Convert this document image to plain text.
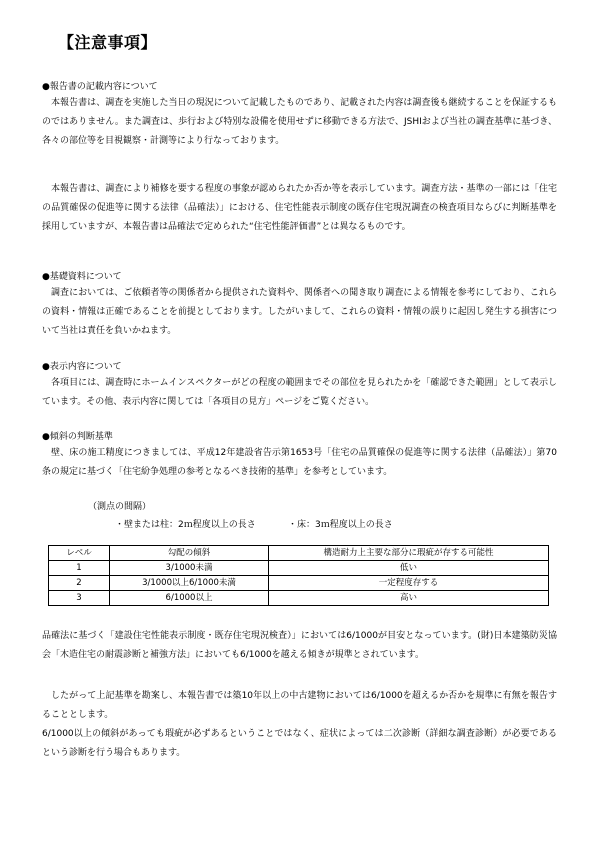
【注意事項】
●報告書の記載内容について
本報告書は、調査を実施した当日の現況について記載したものであり、記載された内容は調査後も継続することを保証するものではありません。また調査は、歩行および特別な設備を使用せずに移動できる方法で、JSHIおよび当社の調査基準に基づき、各々の部位等を目視観察・計測等により行なっております。
本報告書は、調査により補修を要する程度の事象が認められたか否か等を表示しています。調査方法・基準の一部には「住宅の品質確保の促進等に関する法律（品確法）」における、住宅性能表示制度の既存住宅現況調査の検査項目ならびに判断基準を採用していますが、本報告書は品確法で定められた“住宅性能評価書”とは異なるものです。
●基礎資料について
調査においては、ご依頼者等の関係者から提供された資料や、関係者への聞き取り調査による情報を参考にしており、これらの資料・情報は正確であることを前提としております。したがいまして、これらの資料・情報の誤りに起因し発生する損害について当社は責任を負いかねます。
●表示内容について
各項目には、調査時にホームインスペクターがどの程度の範囲までその部位を見られたかを「確認できた範囲」として表示しています。その他、表示内容に関しては「各項目の見方」ページをご覧ください。
●傾斜の判断基準
壁、床の施工精度につきましては、平成12年建設省告示第1653号「住宅の品質確保の促進等に関する法律（品確法）」第70条の規定に基づく「住宅紛争処理の参考となるべき技術的基準」を参考としています。
（測点の間隔）
・壁または柱：2ｍ程度以上の長さ	・床：3ｍ程度以上の長さ
レベル	勾配の傾斜	構造耐力上主要な部分に瑕疵が存する可能性
1	3/1000未満	低い
2	3/1000以上6/1000未満	一定程度存する
3	6/1000以上	高い
品確法に基づく「建設住宅性能表示制度・既存住宅現況検査）」においては6/1000が目安となっています。(財)日本建築防災協会「木造住宅の耐震診断と補強方法」においても6/1000を越える傾きが規準とされています。
したがって上記基準を勘案し、本報告書では築10年以上の中古建物においては6/1000を超えるか否かを規準に有無を報告することとします。
6/1000以上の傾斜があっても瑕疵が必ずあるということではなく、症状によっては二次診断（詳細な調査診断）が必要であるという診断を行う場合もあります。
